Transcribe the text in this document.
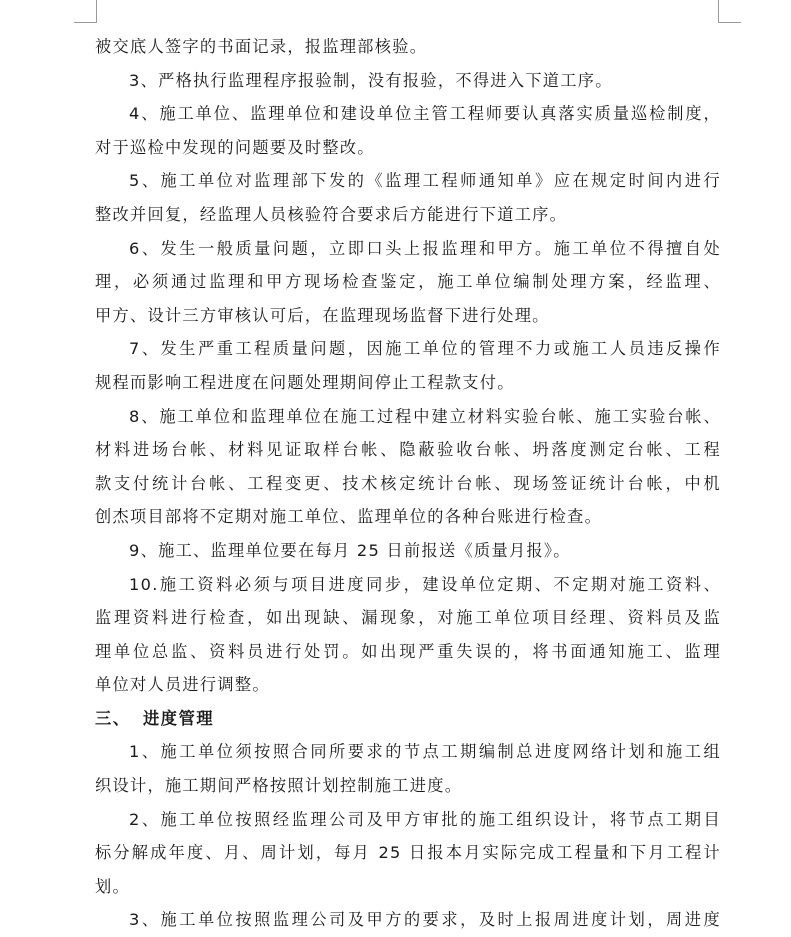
被交底人签字的书面记录，报监理部核验。
3、严格执行监理程序报验制，没有报验，不得进入下道工序。
4、施工单位、监理单位和建设单位主管工程师要认真落实质量巡检制度，
对于巡检中发现的问题要及时整改。
5、施工单位对监理部下发的《监理工程师通知单》应在规定时间内进行
整改并回复，经监理人员核验符合要求后方能进行下道工序。
6、发生一般质量问题，立即口头上报监理和甲方。施工单位不得擅自处
理，必须通过监理和甲方现场检查鉴定，施工单位编制处理方案，经监理、
甲方、设计三方审核认可后，在监理现场监督下进行处理。
7、发生严重工程质量问题，因施工单位的管理不力或施工人员违反操作
规程而影响工程进度在问题处理期间停止工程款支付。
8、施工单位和监理单位在施工过程中建立材料实验台帐、施工实验台帐、
材料进场台帐、材料见证取样台帐、隐蔽验收台帐、坍落度测定台帐、工程
款支付统计台帐、工程变更、技术核定统计台帐、现场签证统计台帐，中机
创杰项目部将不定期对施工单位、监理单位的各种台账进行检查。
9、施工、监理单位要在每月 25 日前报送《质量月报》。
10.施工资料必须与项目进度同步，建设单位定期、不定期对施工资料、
监理资料进行检查，如出现缺、漏现象，对施工单位项目经理、资料员及监
理单位总监、资料员进行处罚。如出现严重失误的，将书面通知施工、监理
单位对人员进行调整。
三、 进度管理
1、施工单位须按照合同所要求的节点工期编制总进度网络计划和施工组
织设计，施工期间严格按照计划控制施工进度。
2、施工单位按照经监理公司及甲方审批的施工组织设计，将节点工期目
标分解成年度、月、周计划，每月 25 日报本月实际完成工程量和下月工程计
划。
3、施工单位按照监理公司及甲方的要求，及时上报周进度计划，周进度
